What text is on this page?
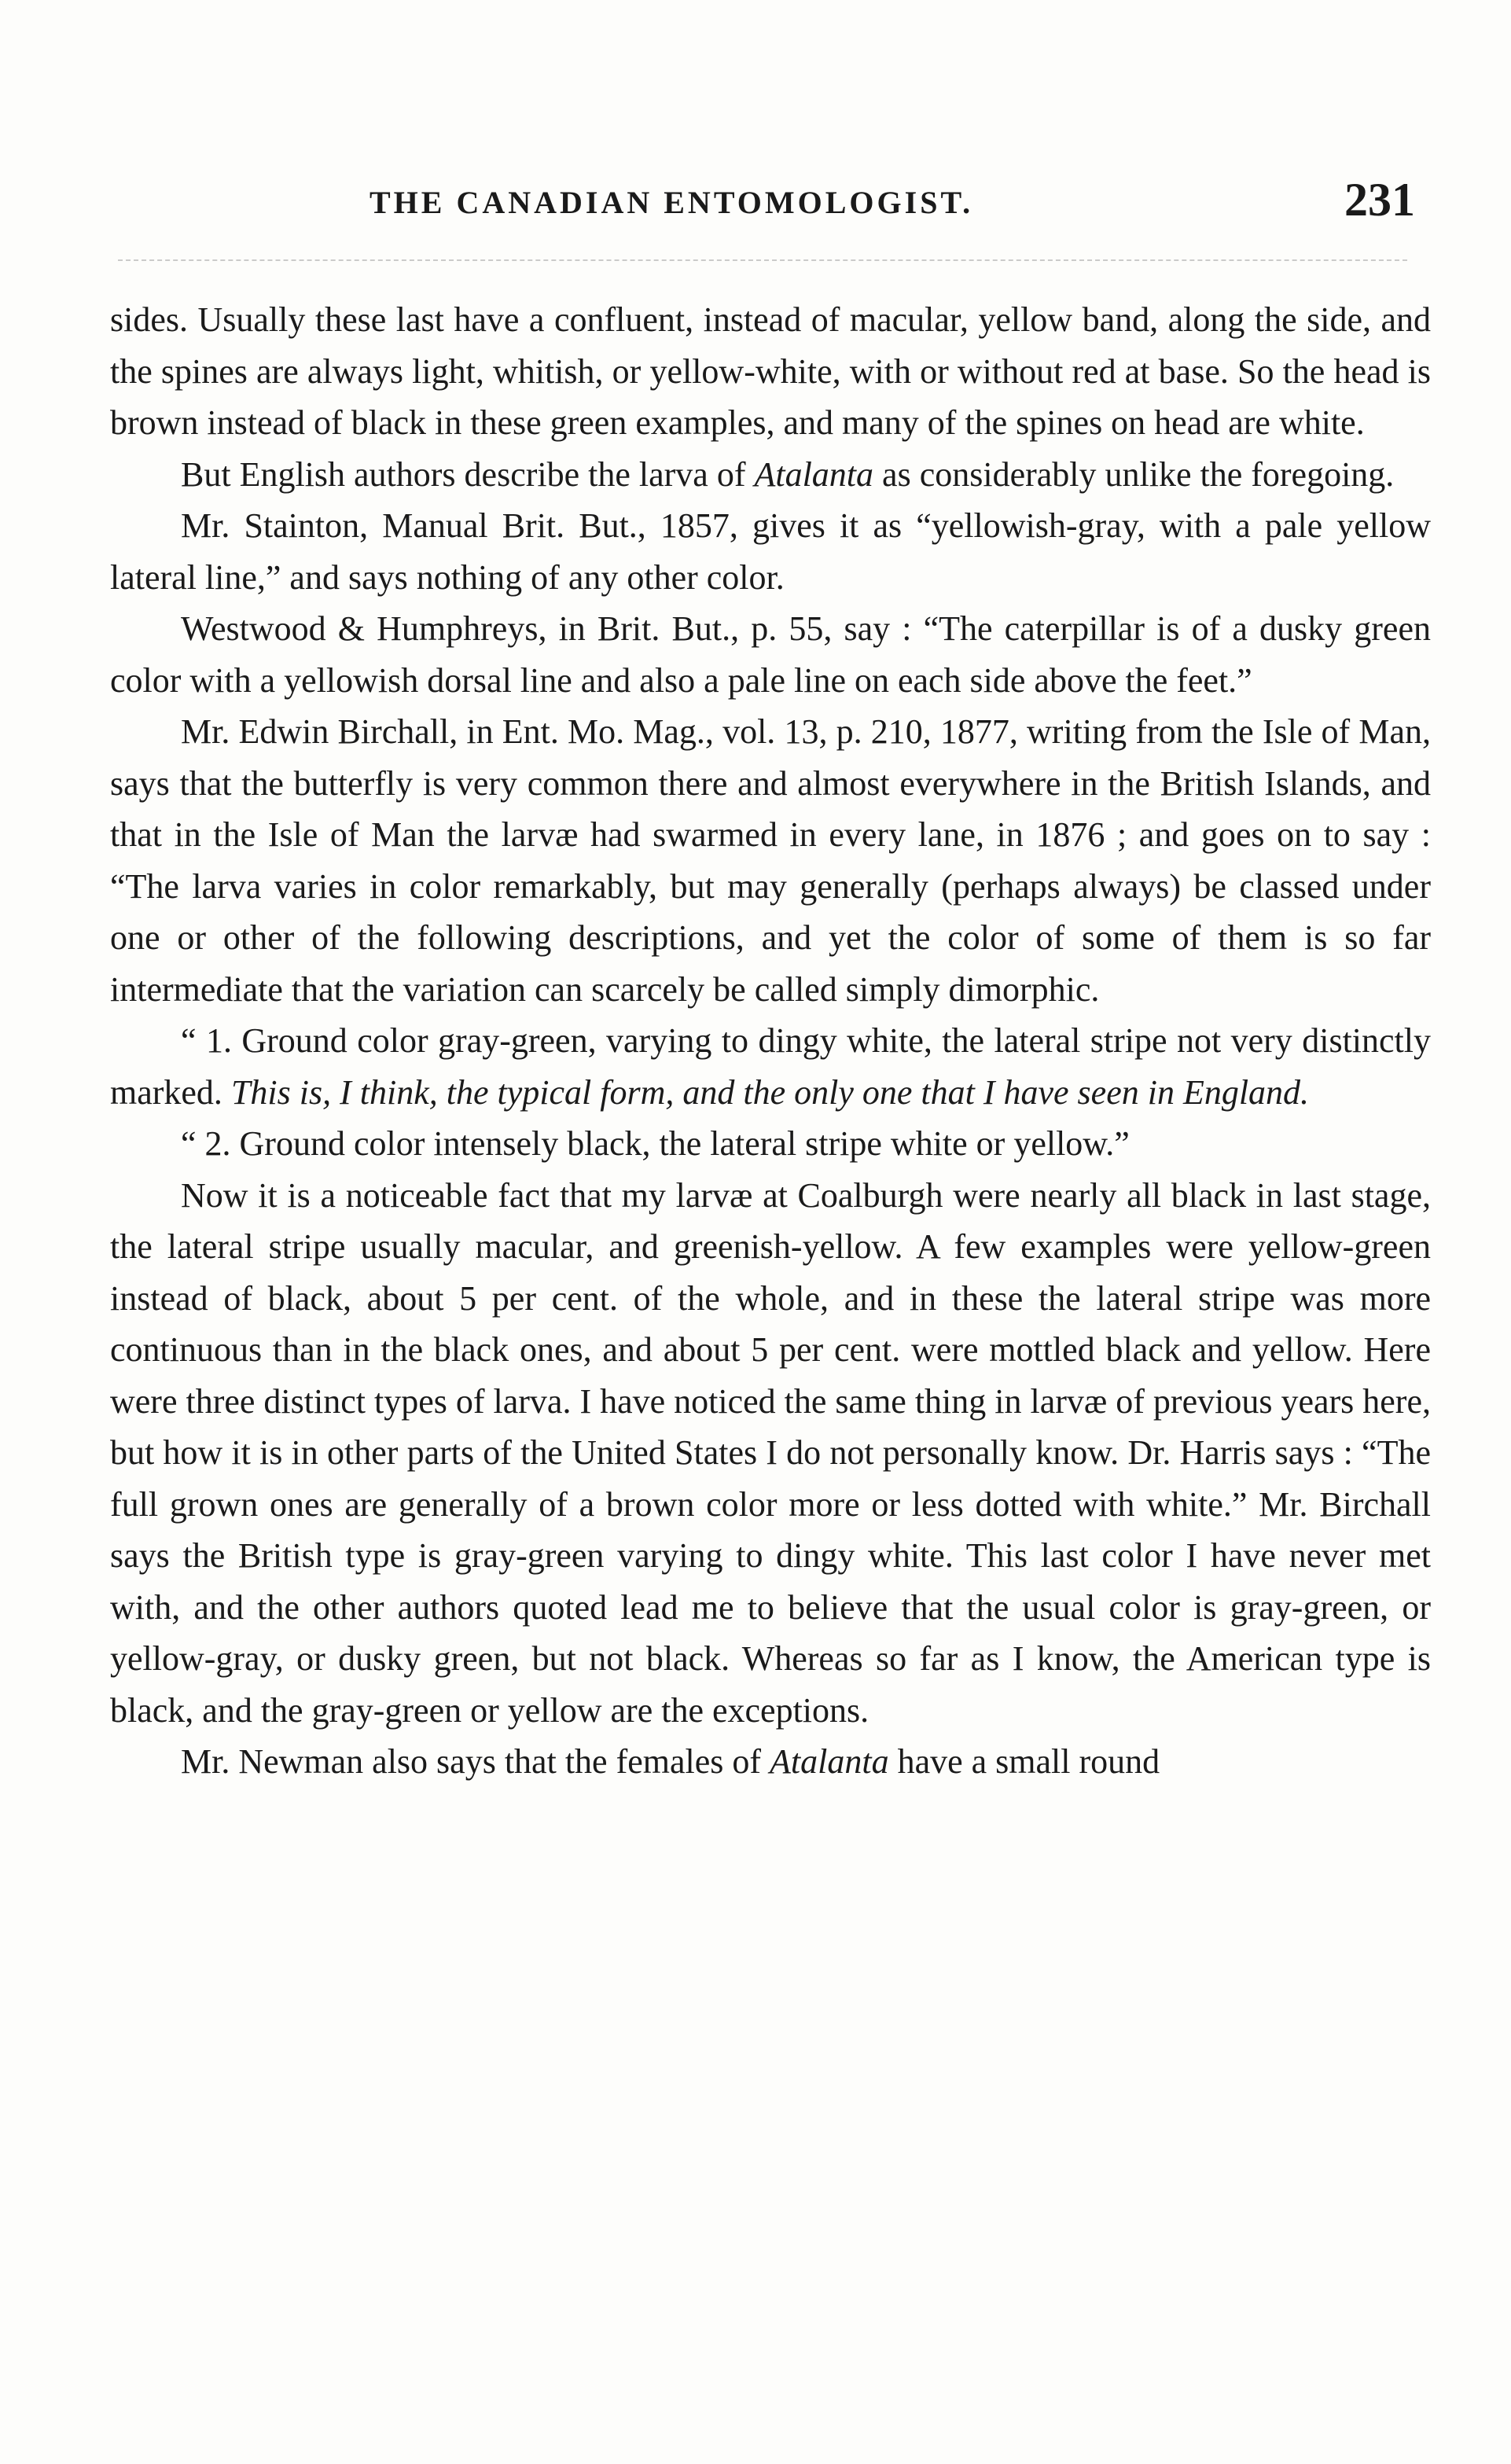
THE CANADIAN ENTOMOLOGIST.	231

sides. Usually these last have a confluent, instead of macular, yellow band, along the side, and the spines are always light, whitish, or yellow-white, with or without red at base. So the head is brown instead of black in these green examples, and many of the spines on head are white.

But English authors describe the larva of Atalanta as considerably unlike the foregoing.

Mr. Stainton, Manual Brit. But., 1857, gives it as “yellowish-gray, with a pale yellow lateral line,” and says nothing of any other color.

Westwood & Humphreys, in Brit. But., p. 55, say : “The caterpillar is of a dusky green color with a yellowish dorsal line and also a pale line on each side above the feet.”

Mr. Edwin Birchall, in Ent. Mo. Mag., vol. 13, p. 210, 1877, writing from the Isle of Man, says that the butterfly is very common there and almost everywhere in the British Islands, and that in the Isle of Man the larvæ had swarmed in every lane, in 1876 ; and goes on to say : “The larva varies in color remarkably, but may generally (perhaps always) be classed under one or other of the following descriptions, and yet the color of some of them is so far intermediate that the variation can scarcely be called simply dimorphic.

“ 1. Ground color gray-green, varying to dingy white, the lateral stripe not very distinctly marked. This is, I think, the typical form, and the only one that I have seen in England.

“ 2. Ground color intensely black, the lateral stripe white or yellow.”

Now it is a noticeable fact that my larvæ at Coalburgh were nearly all black in last stage, the lateral stripe usually macular, and greenish-yellow. A few examples were yellow-green instead of black, about 5 per cent. of the whole, and in these the lateral stripe was more continuous than in the black ones, and about 5 per cent. were mottled black and yellow. Here were three distinct types of larva. I have noticed the same thing in larvæ of previous years here, but how it is in other parts of the United States I do not personally know. Dr. Harris says : “The full grown ones are generally of a brown color more or less dotted with white.” Mr. Birchall says the British type is gray-green varying to dingy white. This last color I have never met with, and the other authors quoted lead me to believe that the usual color is gray-green, or yellow-gray, or dusky green, but not black. Whereas so far as I know, the American type is black, and the gray-green or yellow are the exceptions.

Mr. Newman also says that the females of Atalanta have a small round
